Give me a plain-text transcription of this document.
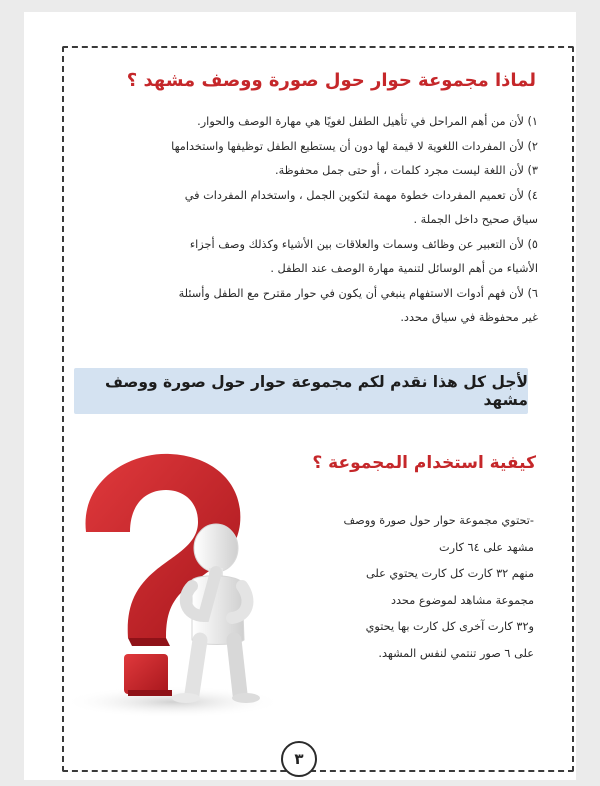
لماذا مجموعة حوار حول صورة ووصف مشهد ؟
١) لأن من أهم المراحل في تأهيل الطفل لغويًا هي مهارة الوصف والحوار.
٢) لأن المفردات اللغوية لا قيمة لها دون أن يستطيع الطفل توظيفها واستخدامها
٣) لأن اللغة ليست مجرد كلمات ، أو حتى جمل محفوظة.
٤) لأن تعميم المفردات خطوة مهمة لتكوين الجمل ، واستخدام المفردات في
سياق صحيح داخل الجملة .
٥) لأن التعبير عن وظائف وسمات والعلاقات بين الأشياء وكذلك وصف أجزاء
الأشياء من أهم الوسائل لتنمية مهارة الوصف عند الطفل .
٦) لأن فهم أدوات الاستفهام ينبغي أن يكون في حوار مقترح مع الطفل وأسئلة
غير محفوظة في سياق محدد.
لأجل كل هذا نقدم لكم مجموعة حوار حول صورة ووصف مشهد
كيفية استخدام المجموعة ؟
-تحتوي مجموعة حوار حول صورة ووصف
مشهد على ٦٤ كارت
منهم ٣٢ كارت كل كارت يحتوي على
مجموعة مشاهد لموضوع محدد
و٣٢ كارت آخرى كل كارت بها يحتوي
على ٦ صور تنتمي لنفس المشهد.
٣
